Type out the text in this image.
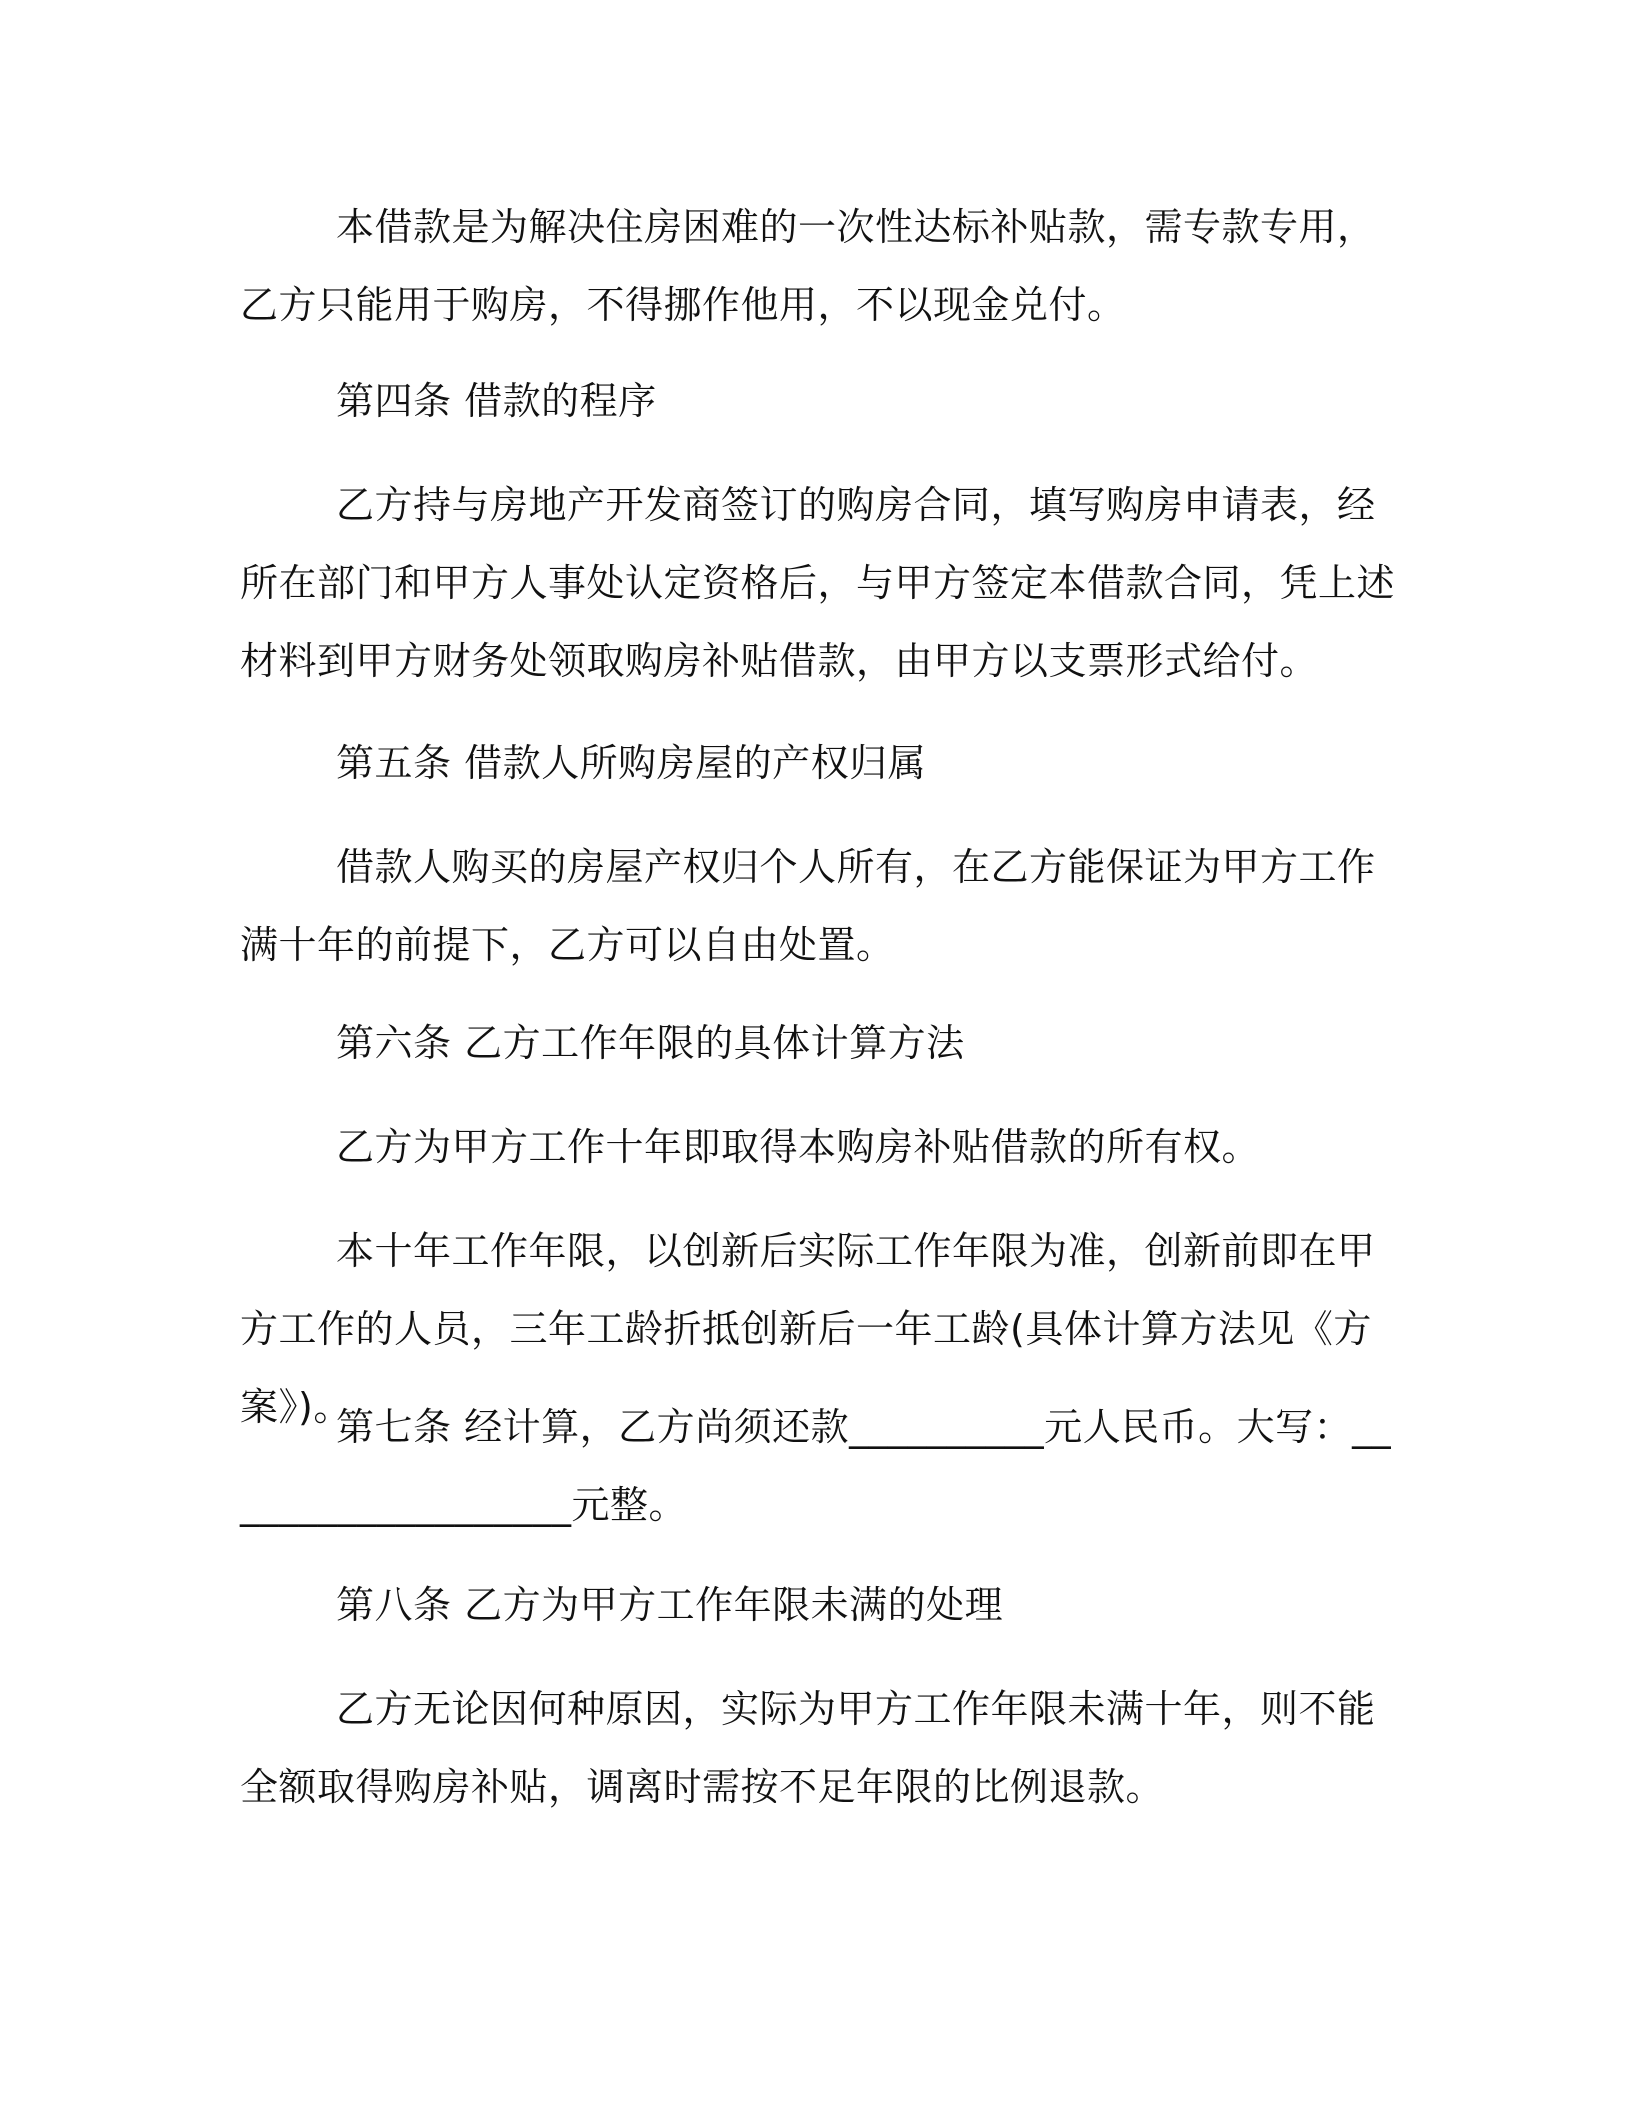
本借款是为解决住房困难的一次性达标补贴款，需专款专用，乙方只能用于购房，不得挪作他用，不以现金兑付。

第四条 借款的程序

乙方持与房地产开发商签订的购房合同，填写购房申请表，经所在部门和甲方人事处认定资格后，与甲方签定本借款合同，凭上述材料到甲方财务处领取购房补贴借款，由甲方以支票形式给付。

第五条 借款人所购房屋的产权归属

借款人购买的房屋产权归个人所有，在乙方能保证为甲方工作满十年的前提下，乙方可以自由处置。

第六条 乙方工作年限的具体计算方法

乙方为甲方工作十年即取得本购房补贴借款的所有权。

本十年工作年限，以创新后实际工作年限为准，创新前即在甲方工作的人员，三年工龄折抵创新后一年工龄(具体计算方法见《方案》)。

第七条 经计算，乙方尚须还款__________元人民币。大写：___________________元整。

第八条 乙方为甲方工作年限未满的处理

乙方无论因何种原因，实际为甲方工作年限未满十年，则不能全额取得购房补贴，调离时需按不足年限的比例退款。
